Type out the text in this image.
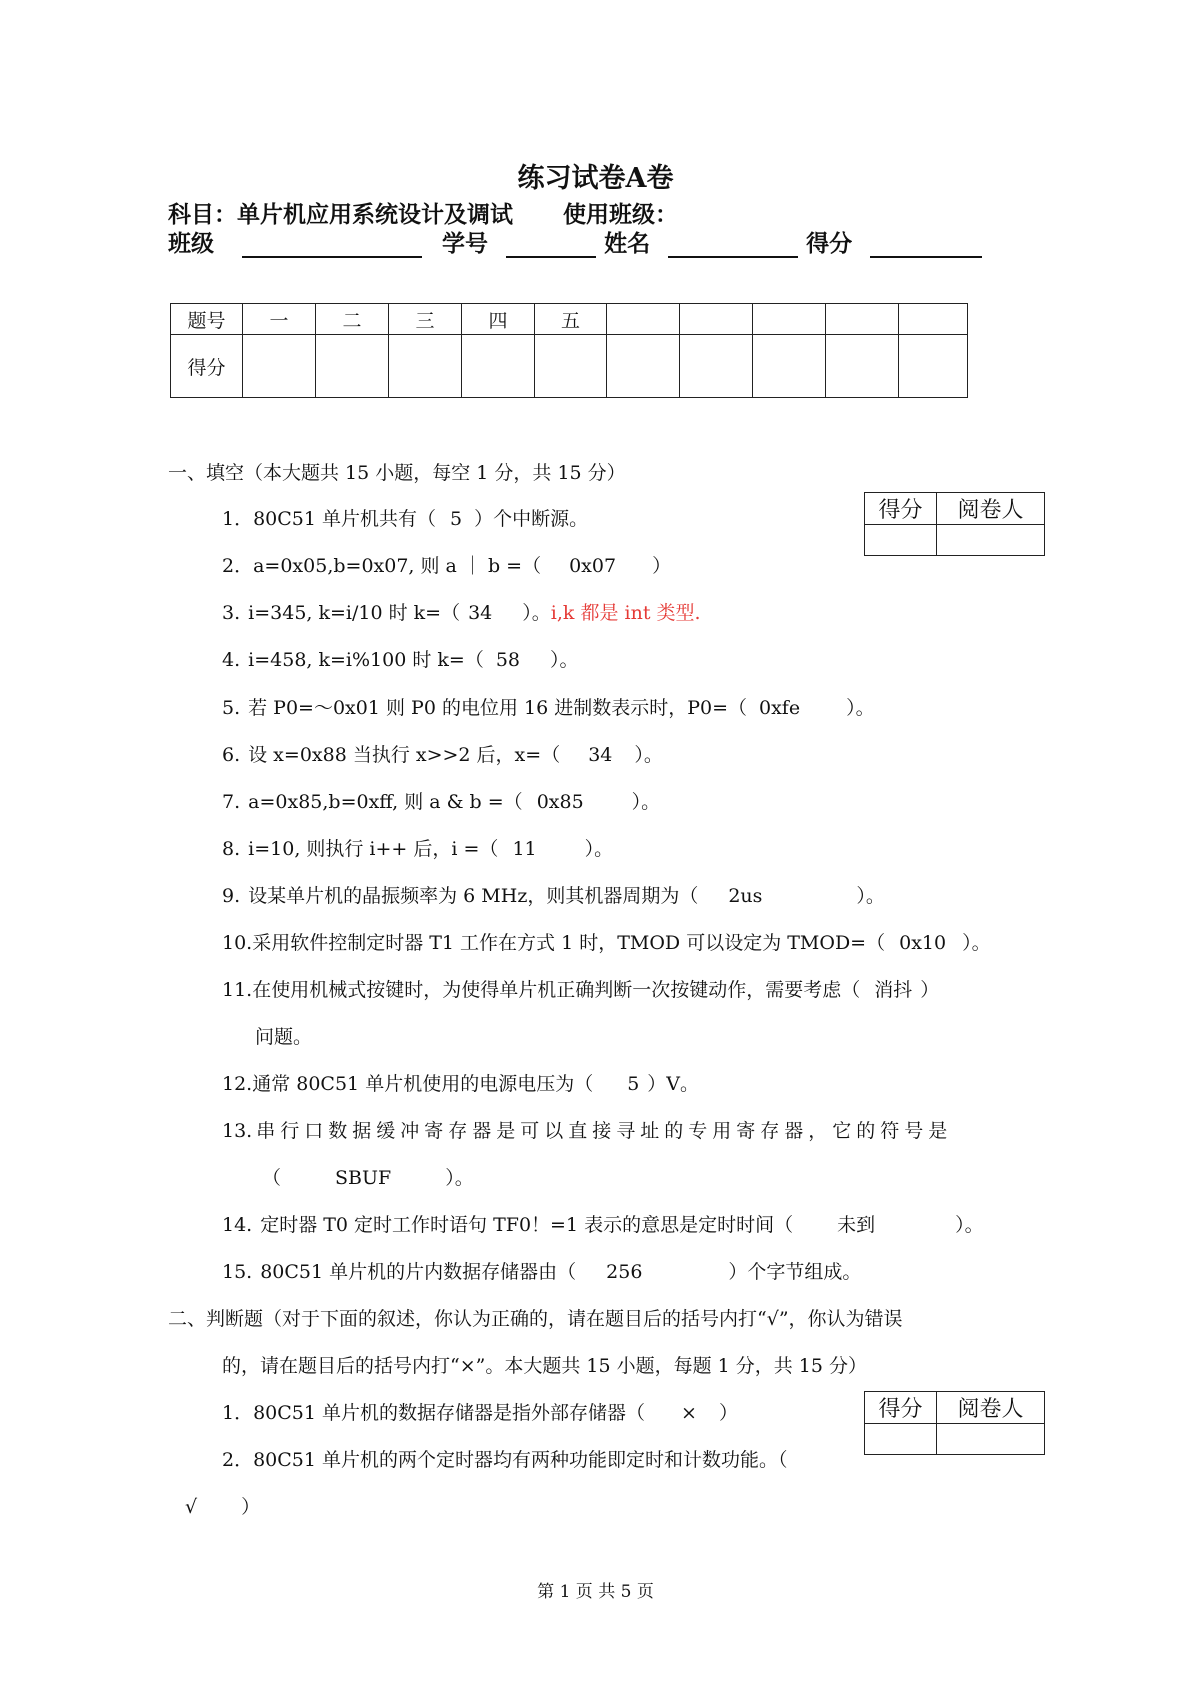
练习试卷A卷
科目：单片机应用系统设计及调试 使用班级：
班级	学号	姓名	得分
题号	一	二	三	四	五					
得分										
一、填空（本大题共 15 小题，每空 1 分，共 15 分）
得分	阅卷人

1．80C51 单片机共有（ 5 ）个中断源。
2．a=0x05,b=0x07, 则 a ｜ b =（ 0x07 ）
3. i=345, k=i/10 时 k=（ 34 ）。i,k 都是 int 类型.
4. i=458, k=i%100 时 k=（ 58 ）。
5. 若 P0=～0x01 则 P0 的电位用 16 进制数表示时，P0=（ 0xfe ）。
6. 设 x=0x88 当执行 x>>2 后，x=（ 34 ）。
7. a=0x85,b=0xff, 则 a & b =（ 0x85	）。
8. i=10, 则执行 i++ 后，i =（ 11	）。
9. 设某单片机的晶振频率为 6 MHz，则其机器周期为（ 2us	）。
10.采用软件控制定时器 T1 工作在方式 1 时，TMOD 可以设定为 TMOD=（ 0x10 ）。
11.在使用机械式按键时，为使得单片机正确判断一次按键动作，需要考虑（ 消抖 ）
问题。
12.通常 80C51 单片机使用的电源电压为（ 5 ）V。
13. 串行口数据缓冲寄存器是可以直接寻址的专用寄存器，它的符号是
（	SBUF	）。
14. 定时器 T0 定时工作时语句 TF0！=1 表示的意思是定时时间（ 未到	）。
15. 80C51 单片机的片内数据存储器由（ 256	）个字节组成。
二、判断题（对于下面的叙述，你认为正确的，请在题目后的括号内打“√”，你认为错误
的，请在题目后的括号内打“×”。本大题共 15 小题，每题 1 分，共 15 分）
得分	阅卷人

1．80C51 单片机的数据存储器是指外部存储器（ × ）
2．80C51 单片机的两个定时器均有两种功能即定时和计数功能。（
√ ）
第 1 页 共 5 页
